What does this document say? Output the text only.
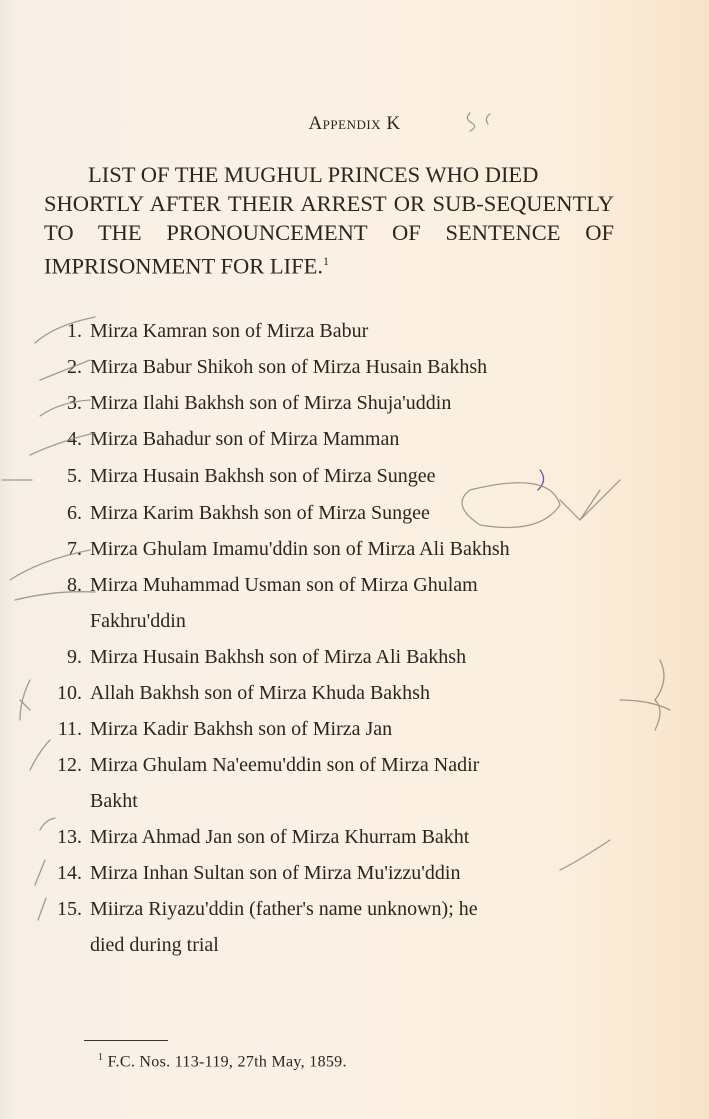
Appendix K
LIST OF THE MUGHUL PRINCES WHO DIED
SHORTLY AFTER THEIR ARREST OR SUB-SEQUENTLY TO THE PRONOUNCEMENT OF SENTENCE OF IMPRISONMENT FOR LIFE.$^1$
1. Mirza Kamran son of Mirza Babur
2. Mirza Babur Shikoh son of Mirza Husain Bakhsh
3. Mirza Ilahi Bakhsh son of Mirza Shuja'uddin
4. Mirza Bahadur son of Mirza Mamman
5. Mirza Husain Bakhsh son of Mirza Sungee
6. Mirza Karim Bakhsh son of Mirza Sungee
7. Mirza Ghulam Imamu'ddin son of Mirza Ali Bakhsh
8. Mirza Muhammad Usman son of Mirza Ghulam
Fakhru'ddin
9. Mirza Husain Bakhsh son of Mirza Ali Bakhsh
10. Allah Bakhsh son of Mirza Khuda Bakhsh
11. Mirza Kadir Bakhsh son of Mirza Jan
12. Mirza Ghulam Na'eemu'ddin son of Mirza Nadir
Bakht
13. Mirza Ahmad Jan son of Mirza Khurram Bakht
14. Mirza Inhan Sultan son of Mirza Mu'izzu'ddin
15. Miirza Riyazu'ddin (father's name unknown); he
died during trial
$^1$ F.C. Nos. 113-119, 27th May, 1859.
